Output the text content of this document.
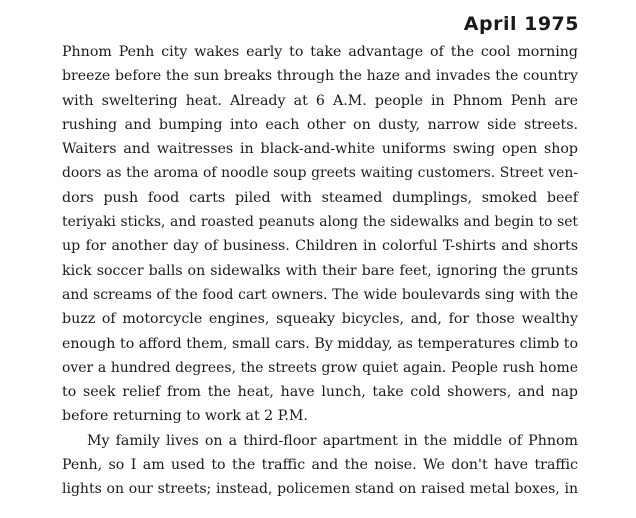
April 1975
Phnom Penh city wakes early to take advantage of the cool morning
breeze before the sun breaks through the haze and invades the country
with sweltering heat. Already at 6 A.M. people in Phnom Penh are
rushing and bumping into each other on dusty, narrow side streets.
Waiters and waitresses in black-and-white uniforms swing open shop
doors as the aroma of noodle soup greets waiting customers. Street ven-
dors push food carts piled with steamed dumplings, smoked beef
teriyaki sticks, and roasted peanuts along the sidewalks and begin to set
up for another day of business. Children in colorful T-shirts and shorts
kick soccer balls on sidewalks with their bare feet, ignoring the grunts
and screams of the food cart owners. The wide boulevards sing with the
buzz of motorcycle engines, squeaky bicycles, and, for those wealthy
enough to afford them, small cars. By midday, as temperatures climb to
over a hundred degrees, the streets grow quiet again. People rush home
to seek relief from the heat, have lunch, take cold showers, and nap
before returning to work at 2 P.M.
My family lives on a third-floor apartment in the middle of Phnom
Penh, so I am used to the traffic and the noise. We don't have traffic
lights on our streets; instead, policemen stand on raised metal boxes, in
